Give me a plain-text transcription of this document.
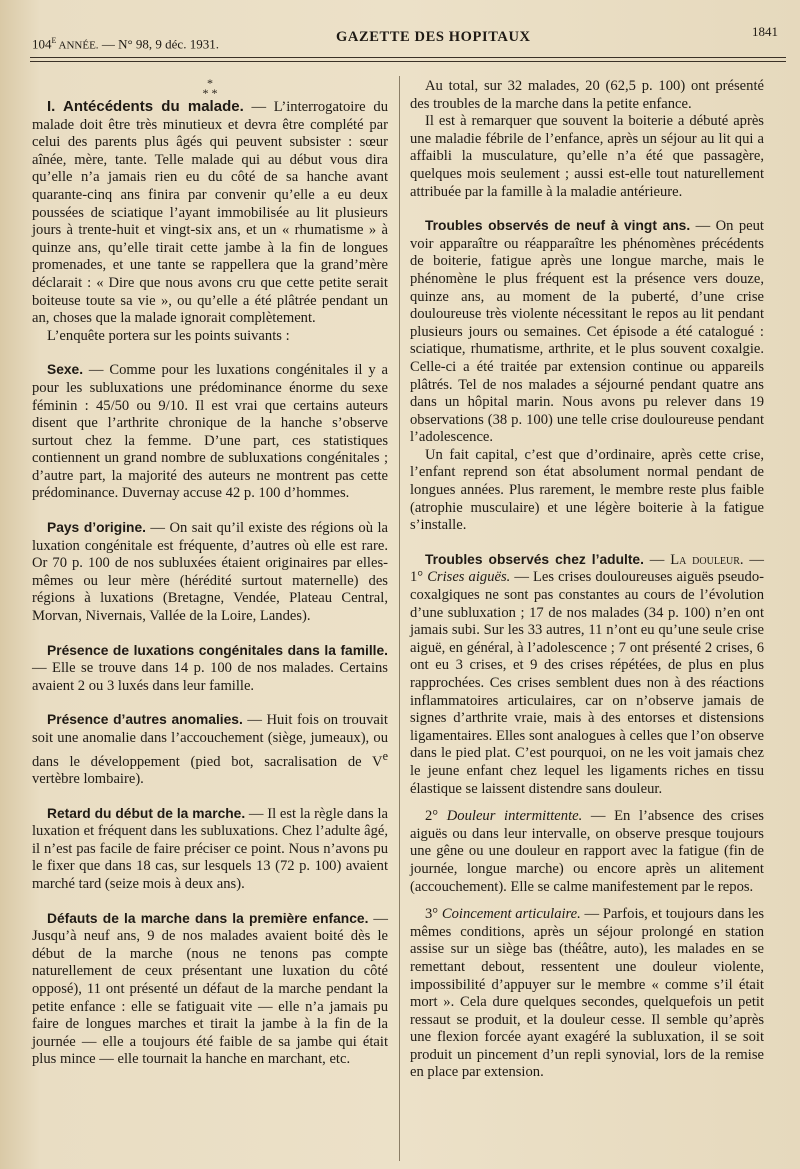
104e ANNÉE. — N° 98, 9 déc. 1931.	GAZETTE DES HOPITAUX	1841

*
* *

I. Antécédents du malade. — L’interrogatoire du malade doit être très minutieux et devra être complété par celui des parents plus âgés qui peuvent subsister : sœur aînée, mère, tante. Telle malade qui au début vous dira qu’elle n’a jamais rien eu du côté de sa hanche avant quarante-cinq ans finira par convenir qu’elle a eu deux poussées de sciatique l’ayant immobilisée au lit plusieurs jours à trente-huit et vingt-six ans, et un « rhumatisme » à quinze ans, qu’elle tirait cette jambe à la fin de longues promenades, et une tante se rappellera que la grand’mère déclarait : « Dire que nous avons cru que cette petite serait boiteuse toute sa vie », ou qu’elle a été plâtrée pendant un an, choses que la malade ignorait complètement.

L’enquête portera sur les points suivants :

Sexe. — Comme pour les luxations congénitales il y a pour les subluxations une prédominance énorme du sexe féminin : 45/50 ou 9/10. Il est vrai que certains auteurs disent que l’arthrite chronique de la hanche s’observe surtout chez la femme. D’une part, ces statistiques contiennent un grand nombre de subluxations congénitales ; d’autre part, la majorité des auteurs ne montrent pas cette prédominance. Duvernay accuse 42 p. 100 d’hommes.

Pays d’origine. — On sait qu’il existe des régions où la luxation congénitale est fréquente, d’autres où elle est rare. Or 70 p. 100 de nos subluxées étaient originaires par elles-mêmes ou leur mère (hérédité surtout maternelle) des régions à luxations (Bretagne, Vendée, Plateau Central, Morvan, Nivernais, Vallée de la Loire, Landes).

Présence de luxations congénitales dans la famille. — Elle se trouve dans 14 p. 100 de nos malades. Certains avaient 2 ou 3 luxés dans leur famille.

Présence d’autres anomalies. — Huit fois on trouvait soit une anomalie dans l’accouchement (siège, jumeaux), ou dans le développement (pied bot, sacralisation de Ve vertèbre lombaire).

Retard du début de la marche. — Il est la règle dans la luxation et fréquent dans les subluxations. Chez l’adulte âgé, il n’est pas facile de faire préciser ce point. Nous n’avons pu le fixer que dans 18 cas, sur lesquels 13 (72 p. 100) avaient marché tard (seize mois à deux ans).

Défauts de la marche dans la première enfance. — Jusqu’à neuf ans, 9 de nos malades avaient boité dès le début de la marche (nous ne tenons pas compte naturellement de ceux présentant une luxation du côté opposé), 11 ont présenté un défaut de la marche pendant la petite enfance : elle se fatiguait vite — elle n’a jamais pu faire de longues marches et tirait la jambe à la fin de la journée — elle a toujours été faible de sa jambe qui était plus mince — elle tournait la hanche en marchant, etc.

Au total, sur 32 malades, 20 (62,5 p. 100) ont présenté des troubles de la marche dans la petite enfance.

Il est à remarquer que souvent la boiterie a débuté après une maladie fébrile de l’enfance, après un séjour au lit qui a affaibli la musculature, qu’elle n’a été que passagère, quelques mois seulement ; aussi est-elle tout naturellement attribuée par la famille à la maladie antérieure.

Troubles observés de neuf à vingt ans. — On peut voir apparaître ou réapparaître les phénomènes précédents de boiterie, fatigue après une longue marche, mais le phénomène le plus fréquent est la présence vers douze, quinze ans, au moment de la puberté, d’une crise douloureuse très violente nécessitant le repos au lit pendant plusieurs jours ou semaines. Cet épisode a été catalogué : sciatique, rhumatisme, arthrite, et le plus souvent coxalgie. Celle-ci a été traitée par extension continue ou appareils plâtrés. Tel de nos malades a séjourné pendant quatre ans dans un hôpital marin. Nous avons pu relever dans 19 observations (38 p. 100) une telle crise douloureuse pendant l’adolescence.

Un fait capital, c’est que d’ordinaire, après cette crise, l’enfant reprend son état absolument normal pendant de longues années. Plus rarement, le membre reste plus faible (atrophie musculaire) et une légère boiterie à la fatigue s’installe.

Troubles observés chez l’adulte. — La douleur. — 1° Crises aiguës. — Les crises douloureuses aiguës pseudo-coxalgiques ne sont pas constantes au cours de l’évolution d’une subluxation ; 17 de nos malades (34 p. 100) n’en ont jamais subi. Sur les 33 autres, 11 n’ont eu qu’une seule crise aiguë, en général, à l’adolescence ; 7 ont présenté 2 crises, 6 ont eu 3 crises, et 9 des crises répétées, de plus en plus rapprochées. Ces crises semblent dues non à des réactions inflammatoires articulaires, car on n’observe jamais de signes d’arthrite vraie, mais à des entorses et distensions ligamentaires. Elles sont analogues à celles que l’on observe dans le pied plat. C’est pourquoi, on ne les voit jamais chez le jeune enfant chez lequel les ligaments riches en tissu élastique se laissent distendre sans douleur.

2° Douleur intermittente. — En l’absence des crises aiguës ou dans leur intervalle, on observe presque toujours une gêne ou une douleur en rapport avec la fatigue (fin de journée, longue marche) ou encore après un alitement (accouchement). Elle se calme manifestement par le repos.

3° Coincement articulaire. — Parfois, et toujours dans les mêmes conditions, après un séjour prolongé en station assise sur un siège bas (théâtre, auto), les malades en se remettant debout, ressentent une douleur violente, impossibilité d’appuyer sur le membre « comme s’il était mort ». Cela dure quelques secondes, quelquefois un petit ressaut se produit, et la douleur cesse. Il semble qu’après une flexion forcée ayant exagéré la subluxation, il se soit produit un pincement d’un repli synovial, lors de la remise en place par extension.
